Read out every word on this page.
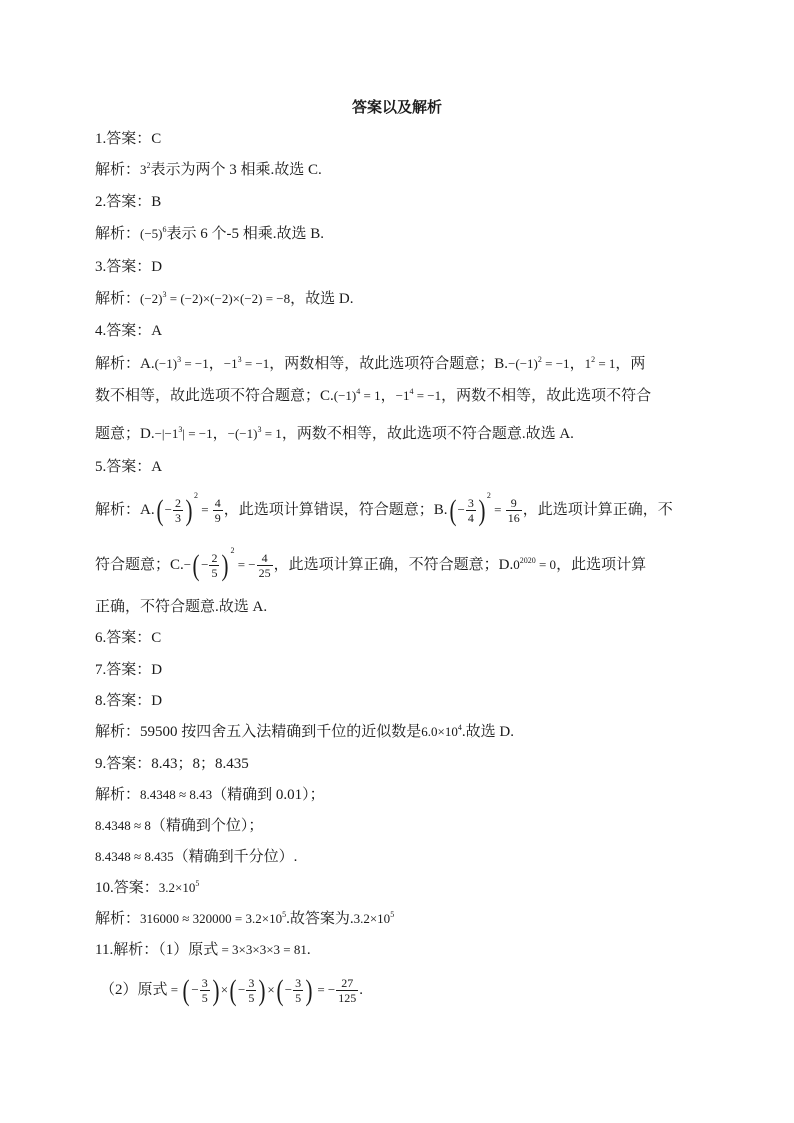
答案以及解析
1.答案：C
解析：$3^2$表示为两个 3 相乘.故选 C.
2.答案：B
解析：$(-5)^6$表示 6 个-5 相乘.故选 B.
3.答案：D
解析：$(-2)^3 = (-2)\times(-2)\times(-2) = -8$，故选 D.
4.答案：A
解析：$A.(-1)^3 = -1$，$-1^3 = -1$，两数相等，故此选项符合题意；$B.-(-1)^2 = -1$，$1^2 = 1$，两
数不相等，故此选项不符合题意；$C.(-1)^4 = 1$，$-1^4 = -1$，两数不相等，故此选项不符合
题意；$D.-|-1^3| = -1$，$-(-1)^3 = 1$，两数不相等，故此选项不符合题意.故选 A.
5.答案：A
解析：$A.( - \frac{2}{3}$ ) $^2 = \frac{4}{9}$ ，此选项计算错误，符合题意；$B.( - \frac{3}{4}$ ) $^2 = \frac{9}{16}$ ，此选项计算正确，不
符合题意；$C.-( - \frac{2}{5}$ ) $^2$ = − $\frac{4}{25}$ ，此选项计算正确，不符合题意；$D.0^{2020} = 0$，此选项计算
正确，不符合题意.故选 A.
6.答案：C
7.答案：D
8.答案：D
解析：59500 按四舍五入法精确到千位的近似数是$6.0\times 10^4$.故选 D.
9.答案：8.43；8；8.435
解析：8.4348 ≈ 8.43（精确到 0.01）；
8.4348 ≈ 8（精确到个位）；
8.4348 ≈ 8.435（精确到千分位）.
10.答案：$3.2\times 10^5$
解析：$316000 \approx 320000 = 3.2\times 10^5$.故答案为$.3.2\times 10^5$
11.解析：（1）原式 = 3×3×3×3 = 81.
（2）原式 = ( − $\frac{3}{5}$ ) ×( − $\frac{3}{5}$ ) ×( − $\frac{3}{5}$ ) = − $\frac{27}{125}$ .
